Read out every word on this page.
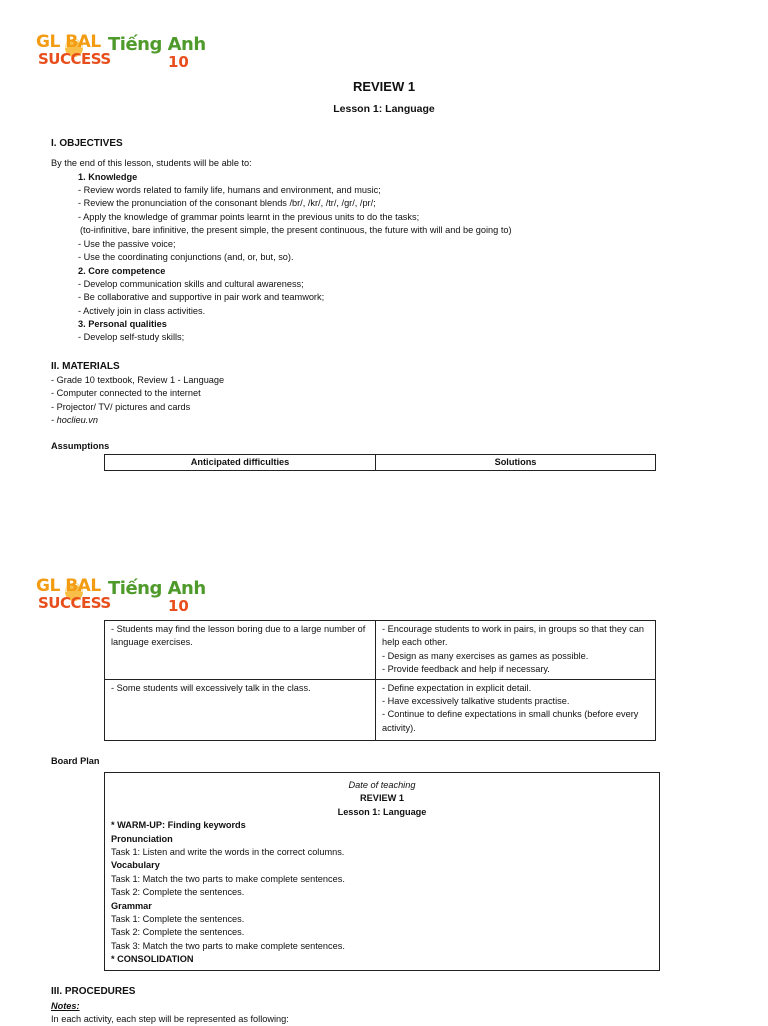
GL BAL
SUCCESS
Tiếng Anh
10
REVIEW 1
Lesson 1: Language
I. OBJECTIVES
By the end of this lesson, students will be able to:
1. Knowledge
- Review words related to family life, humans and environment, and music;
- Review the pronunciation of the consonant blends /br/, /kr/, /tr/, /gr/, /pr/;
- Apply the knowledge of grammar points learnt in the previous units to do the tasks;
(to-infinitive, bare infinitive, the present simple, the present continuous, the future with will and be going to)
- Use the passive voice;
- Use the coordinating conjunctions (and, or, but, so).
2. Core competence
- Develop communication skills and cultural awareness;
- Be collaborative and supportive in pair work and teamwork;
- Actively join in class activities.
3. Personal qualities
- Develop self-study skills;
II. MATERIALS
- Grade 10 textbook, Review 1 - Language
- Computer connected to the internet
- Projector/ TV/ pictures and cards
- hoclieu.vn
Assumptions
Anticipated difficulties	Solutions
GL BAL
SUCCESS
Tiếng Anh
10
- Students may find the lesson boring due to a large number of language exercises.	- Encourage students to work in pairs, in groups so that they can help each other.
- Design as many exercises as games as possible.
- Provide feedback and help if necessary.

- Some students will excessively talk in the class.	- Define expectation in explicit detail.
- Have excessively talkative students practise.
- Continue to define expectations in small chunks (before every activity).
Board Plan
Date of teaching
REVIEW 1
Lesson 1: Language
* WARM-UP: Finding keywords
Pronunciation
Task 1: Listen and write the words in the correct columns.
Vocabulary
Task 1: Match the two parts to make complete sentences.
Task 2: Complete the sentences.
Grammar
Task 1: Complete the sentences.
Task 2: Complete the sentences.
Task 3: Match the two parts to make complete sentences.
* CONSOLIDATION
III. PROCEDURES
Notes:
In each activity, each step will be represented as following:
